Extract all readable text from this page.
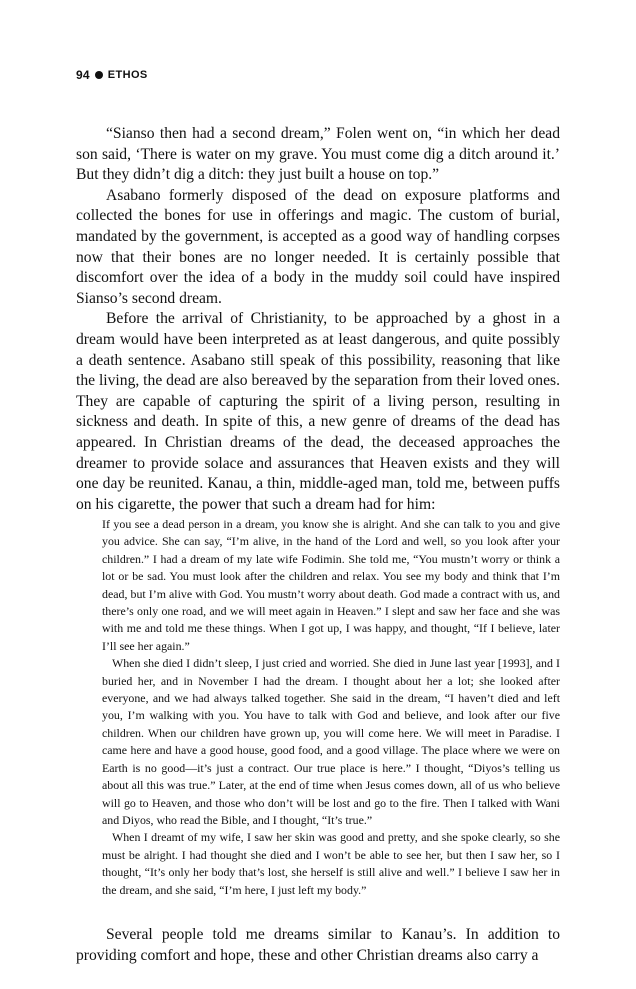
94 ETHOS

“Sianso then had a second dream,” Folen went on, “in which her dead son said, ‘There is water on my grave. You must come dig a ditch around it.’ But they didn’t dig a ditch: they just built a house on top.”

Asabano formerly disposed of the dead on exposure platforms and collected the bones for use in offerings and magic. The custom of burial, mandated by the government, is accepted as a good way of handling corpses now that their bones are no longer needed. It is certainly possible that discomfort over the idea of a body in the muddy soil could have inspired Sianso’s second dream.

Before the arrival of Christianity, to be approached by a ghost in a dream would have been interpreted as at least dangerous, and quite possibly a death sentence. Asabano still speak of this possibility, reasoning that like the living, the dead are also bereaved by the separation from their loved ones. They are capable of capturing the spirit of a living person, resulting in sickness and death. In spite of this, a new genre of dreams of the dead has appeared. In Christian dreams of the dead, the deceased approaches the dreamer to provide solace and assurances that Heaven exists and they will one day be reunited. Kanau, a thin, middle-aged man, told me, between puffs on his cigarette, the power that such a dream had for him:

If you see a dead person in a dream, you know she is alright. And she can talk to you and give you advice. She can say, “I’m alive, in the hand of the Lord and well, so you look after your children.” I had a dream of my late wife Fodimin. She told me, “You mustn’t worry or think a lot or be sad. You must look after the children and relax. You see my body and think that I’m dead, but I’m alive with God. You mustn’t worry about death. God made a contract with us, and there’s only one road, and we will meet again in Heaven.” I slept and saw her face and she was with me and told me these things. When I got up, I was happy, and thought, “If I believe, later I’ll see her again.”

When she died I didn’t sleep, I just cried and worried. She died in June last year [1993], and I buried her, and in November I had the dream. I thought about her a lot; she looked after everyone, and we had always talked together. She said in the dream, “I haven’t died and left you, I’m walking with you. You have to talk with God and believe, and look after our five children. When our children have grown up, you will come here. We will meet in Paradise. I came here and have a good house, good food, and a good village. The place where we were on Earth is no good—it’s just a contract. Our true place is here.” I thought, “Diyos’s telling us about all this was true.” Later, at the end of time when Jesus comes down, all of us who believe will go to Heaven, and those who don’t will be lost and go to the fire. Then I talked with Wani and Diyos, who read the Bible, and I thought, “It’s true.”

When I dreamt of my wife, I saw her skin was good and pretty, and she spoke clearly, so she must be alright. I had thought she died and I won’t be able to see her, but then I saw her, so I thought, “It’s only her body that’s lost, she herself is still alive and well.” I believe I saw her in the dream, and she said, “I’m here, I just left my body.”

Several people told me dreams similar to Kanau’s. In addition to providing comfort and hope, these and other Christian dreams also carry a
